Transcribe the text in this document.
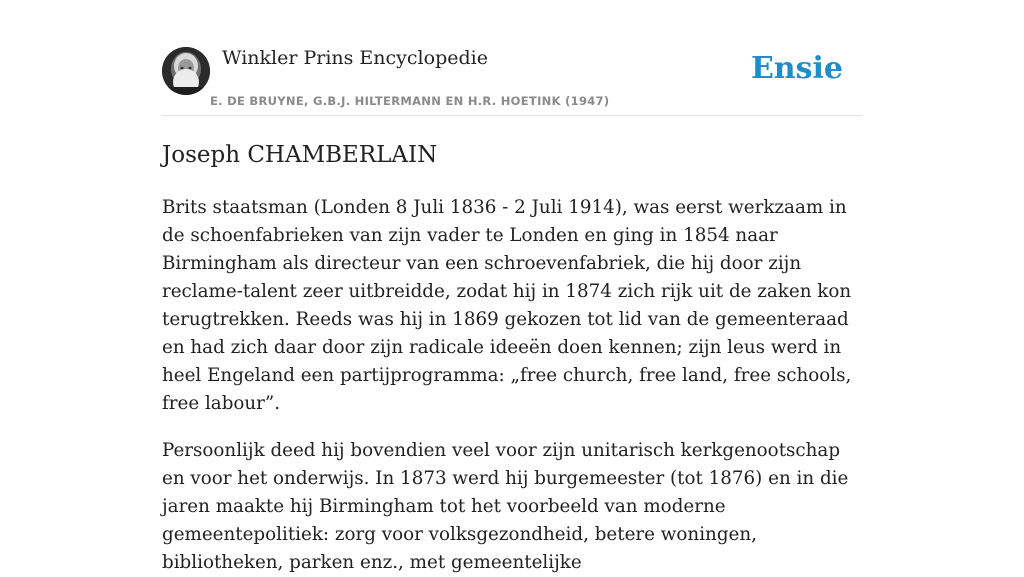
Winkler Prins Encyclopedie
E. DE BRUYNE, G.B.J. HILTERMANN EN H.R. HOETINK (1947)
Ensie
Joseph CHAMBERLAIN

Brits staatsman (Londen 8 Juli 1836 - 2 Juli 1914), was eerst werkzaam in de schoenfabrieken van zijn vader te Londen en ging in 1854 naar Birmingham als directeur van een schroevenfabriek, die hij door zijn reclame-talent zeer uitbreidde, zodat hij in 1874 zich rijk uit de zaken kon terugtrekken. Reeds was hij in 1869 gekozen tot lid van de gemeenteraad en had zich daar door zijn radicale ideeën doen kennen; zijn leus werd in heel Engeland een partijprogramma: „free church, free land, free schools, free labour”.

Persoonlijk deed hij bovendien veel voor zijn unitarisch kerkgenootschap en voor het onderwijs. In 1873 werd hij burgemeester (tot 1876) en in die jaren maakte hij Birmingham tot het voorbeeld van moderne gemeentepolitiek: zorg voor volksgezondheid, betere woningen, bibliotheken, parken enz., met gemeentelijke
